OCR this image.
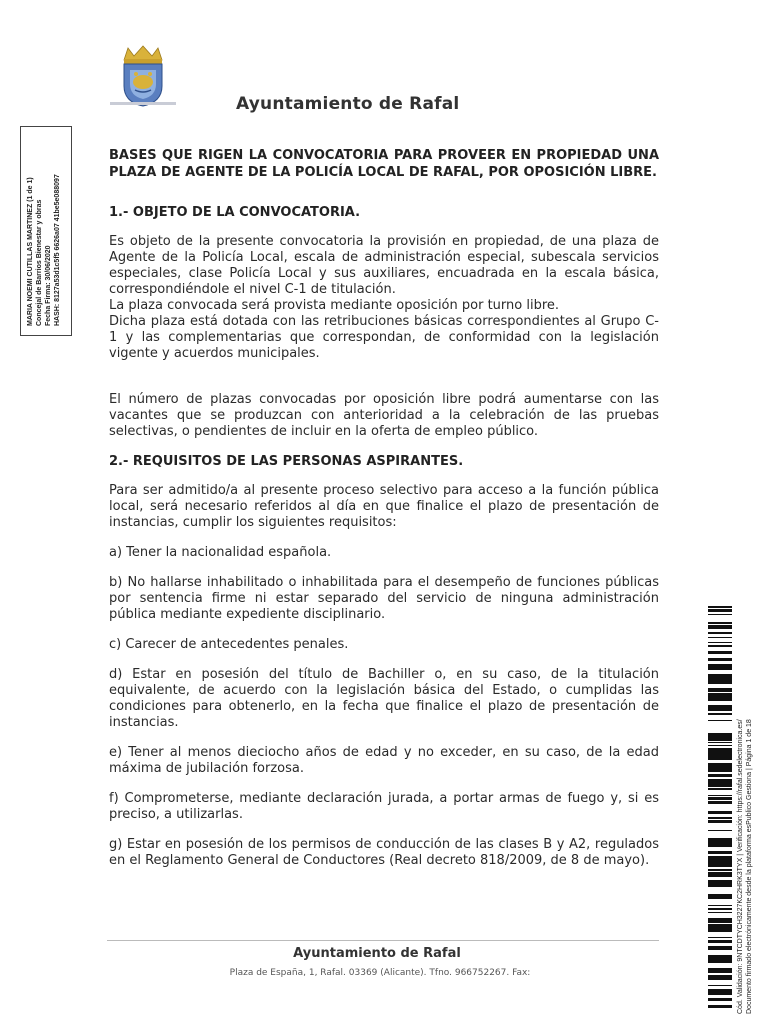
Ayuntamiento de Rafal
MARIA NOEMI CUTILLAS MARTINEZ (1 de 1) Concejal de Barrios Bienestar y obras Fecha Firma: 30/06/2020 HASH: 8127a53d1c5f5 6626a07 41be5e088097

BASES QUE RIGEN LA CONVOCATORIA PARA PROVEER EN PROPIEDAD UNA PLAZA DE AGENTE DE LA POLICÍA LOCAL DE RAFAL, POR OPOSICIÓN LIBRE.

1.- OBJETO DE LA CONVOCATORIA.

Es objeto de la presente convocatoria la provisión en propiedad, de una plaza de Agente de la Policía Local, escala de administración especial, subescala servicios especiales, clase Policía Local y sus auxiliares, encuadrada en la escala básica, correspondiéndole el nivel C-1 de titulación.

La plaza convocada será provista mediante oposición por turno libre.

Dicha plaza está dotada con las retribuciones básicas correspondientes al Grupo C-1 y las complementarias que correspondan, de conformidad con la legislación vigente y acuerdos municipales.

El número de plazas convocadas por oposición libre podrá aumentarse con las vacantes que se produzcan con anterioridad a la celebración de las pruebas selectivas, o pendientes de incluir en la oferta de empleo público.

2.- REQUISITOS DE LAS PERSONAS ASPIRANTES.

Para ser admitido/a al presente proceso selectivo para acceso a la función pública local, será necesario referidos al día en que finalice el plazo de presentación de instancias, cumplir los siguientes requisitos:

a) Tener la nacionalidad española.

b) No hallarse inhabilitado o inhabilitada para el desempeño de funciones públicas por sentencia firme ni estar separado del servicio de ninguna administración pública mediante expediente disciplinario.

c) Carecer de antecedentes penales.

d) Estar en posesión del título de Bachiller o, en su caso, de la titulación equivalente, de acuerdo con la legislación básica del Estado, o cumplidas las condiciones para obtenerlo, en la fecha que finalice el plazo de presentación de instancias.

e) Tener al menos dieciocho años de edad y no exceder, en su caso, de la edad máxima de jubilación forzosa.

f) Comprometerse, mediante declaración jurada, a portar armas de fuego y, si es preciso, a utilizarlas.

g) Estar en posesión de los permisos de conducción de las clases B y A2, regulados en el Reglamento General de Conductores (Real decreto 818/2009, de 8 de mayo).

Ayuntamiento de Rafal
Plaza de España, 1, Rafal. 03369 (Alicante). Tfno. 966752267. Fax:	Cód. Validación: 9NTCDTYCH3227KC2HRK3TYX | Verificación: https://rafal.sedelectronica.es/ Documento firmado electrónicamente desde la plataforma esPublico Gestiona | Página 1 de 18
